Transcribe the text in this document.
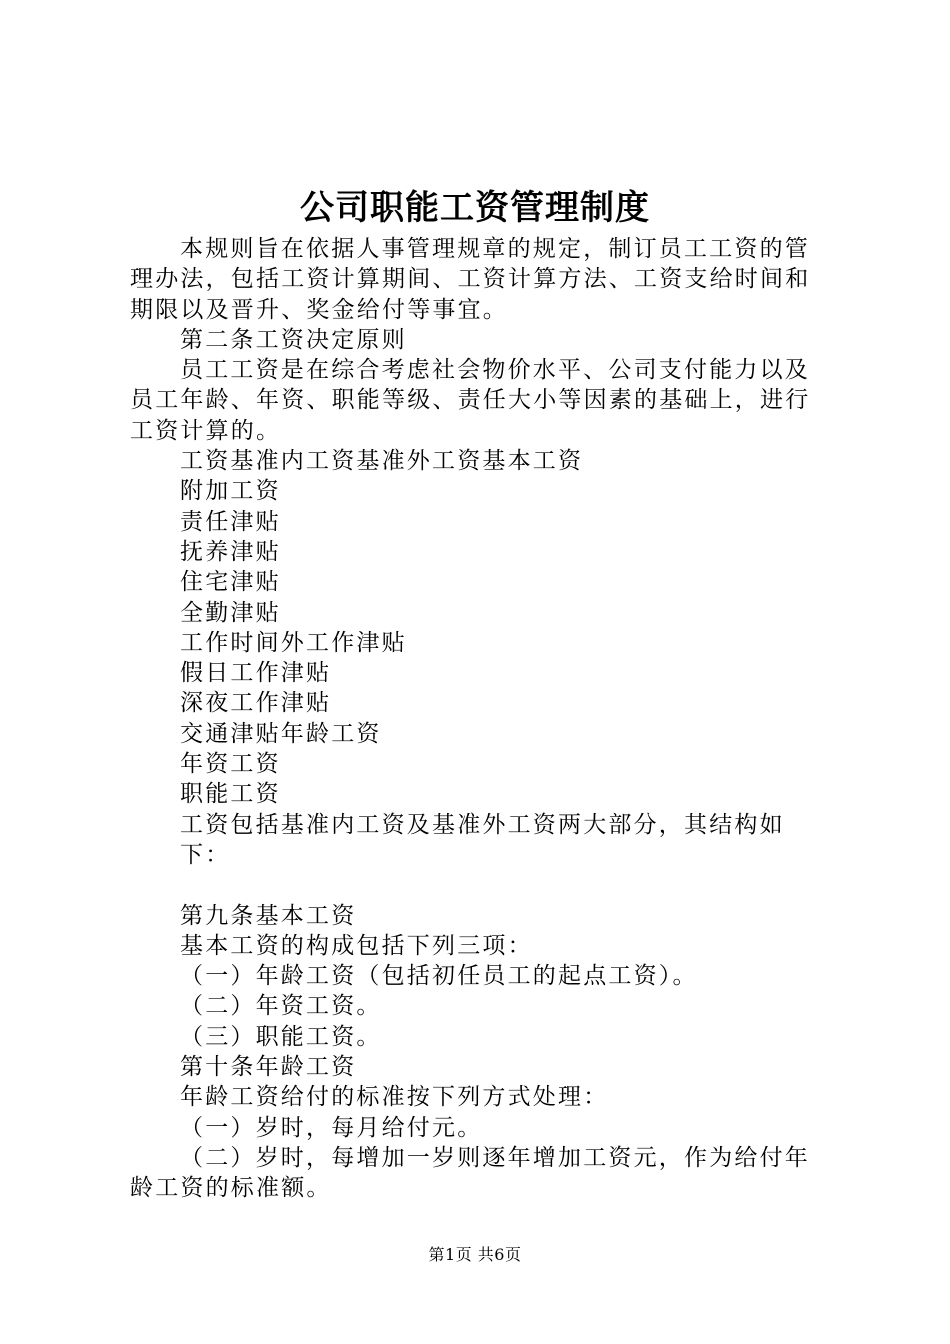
公司职能工资管理制度

本规则旨在依据人事管理规章的规定，制订员工工资的管理办法，包括工资计算期间、工资计算方法、工资支给时间和期限以及晋升、奖金给付等事宜。

第二条工资决定原则

员工工资是在综合考虑社会物价水平、公司支付能力以及员工年龄、年资、职能等级、责任大小等因素的基础上，进行工资计算的。

工资基准内工资基准外工资基本工资

附加工资

责任津贴

抚养津贴

住宅津贴

全勤津贴

工作时间外工作津贴

假日工作津贴

深夜工作津贴

交通津贴年龄工资

年资工资

职能工资

工资包括基准内工资及基准外工资两大部分，其结构如下：

第九条基本工资

基本工资的构成包括下列三项：

（一）年龄工资（包括初任员工的起点工资）。

（二）年资工资。

（三）职能工资。

第十条年龄工资

年龄工资给付的标准按下列方式处理：

（一）岁时，每月给付元。

（二）岁时，每增加一岁则逐年增加工资元，作为给付年龄工资的标准额。

第1页 共6页
